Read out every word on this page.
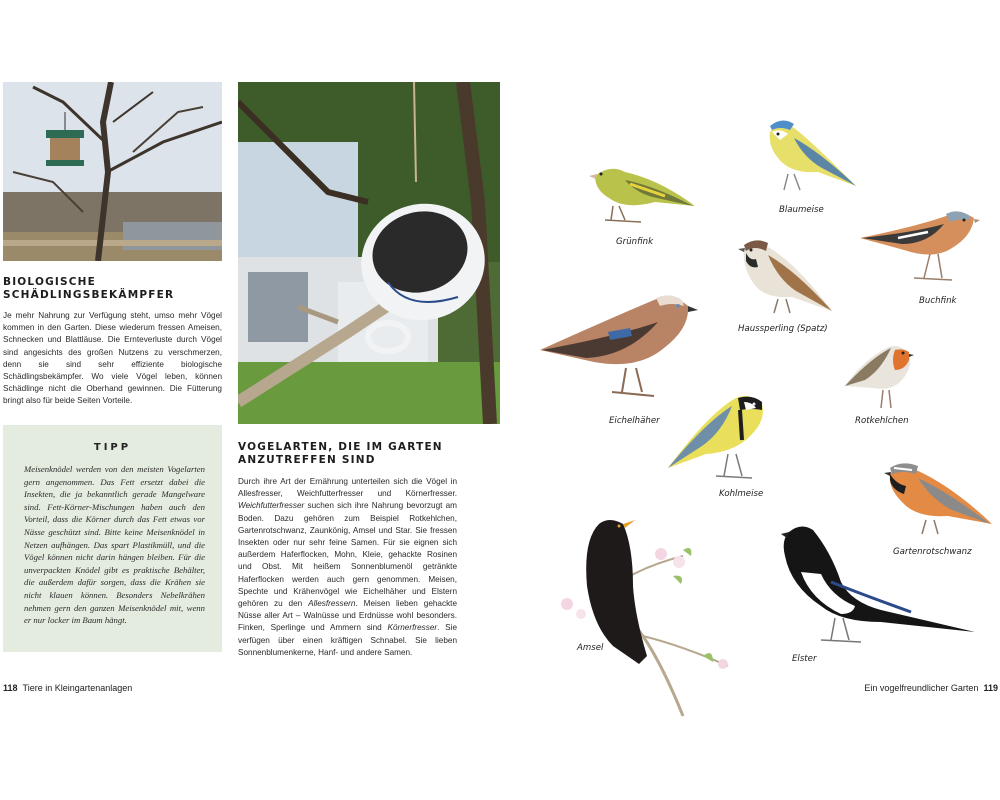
BIOLOGISCHE
SCHÄDLINGSBEKÄMPFER

Je mehr Nahrung zur Verfügung steht, umso mehr Vögel kommen in den Garten. Diese wiederum fressen Ameisen, Schnecken und Blattläuse. Die Ernteverluste durch Vögel sind angesichts des großen Nutzens zu verschmerzen, denn sie sind sehr effiziente biologische Schädlingsbekämpfer. Wo viele Vögel leben, können Schädlinge nicht die Oberhand gewinnen. Die Fütterung bringt also für beide Seiten Vorteile.

TIPP
Meisenknödel werden von den meisten Vogelarten gern angenommen. Das Fett ersetzt dabei die Insekten, die ja bekanntlich gerade Mangelware sind. Fett-Körner-Mischungen haben auch den Vorteil, dass die Körner durch das Fett etwas vor Nässe geschützt sind. Bitte keine Meisenknödel in Netzen aufhängen. Das spart Plastikmüll, und die Vögel können nicht darin hängen bleiben. Für die unverpackten Knödel gibt es praktische Behälter, die außerdem dafür sorgen, dass die Krähen sie nicht klauen können. Besonders Nebelkrähen nehmen gern den ganzen Meisenknödel mit, wenn er nur locker im Baum hängt.
VOGELARTEN, DIE IM GARTEN
ANZUTREFFEN SIND

Durch ihre Art der Ernährung unterteilen sich die Vögel in Allesfresser, Weichfutterfresser und Körnerfresser. Weichfutterfresser suchen sich ihre Nahrung bevorzugt am Boden. Dazu gehören zum Beispiel Rotkehlchen, Gartenrotschwanz, Zaunkönig, Amsel und Star. Sie fressen Insekten oder nur sehr feine Samen. Für sie eignen sich außerdem Haferflocken, Mohn, Kleie, gehackte Rosinen und Obst. Mit heißem Sonnenblumenöl getränkte Haferflocken werden auch gern genommen. Meisen, Spechte und Krähenvögel wie Eichelhäher und Elstern gehören zu den Allesfressern. Meisen lieben gehackte Nüsse aller Art – Walnüsse und Erdnüsse wohl besonders. Finken, Sperlinge und Ammern sind Körnerfresser. Sie verfügen über einen kräftigen Schnabel. Sie lieben Sonnenblumenkerne, Hanf- und andere Samen.

118 Tiere in Kleingartenanlagen
Grünfink
Blaumeise
Buchfink
Haussperling (Spatz)
Eichelhäher	Rotkehlchen
Kohlmeise
Gartenrotschwanz
Amsel
Elster
Ein vogelfreundlicher Garten 119
